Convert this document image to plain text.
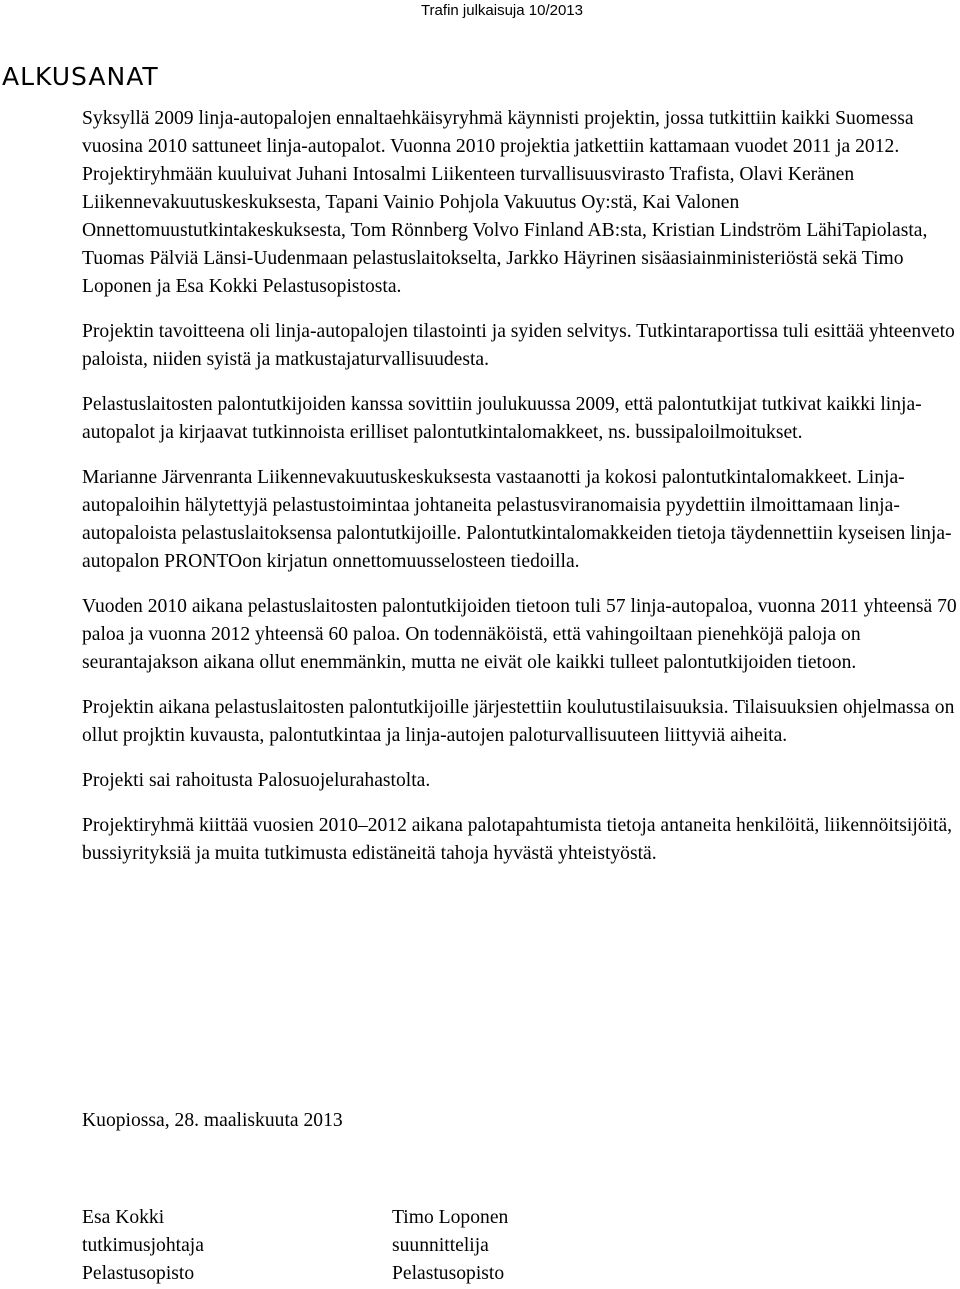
Trafin julkaisuja 10/2013
ALKUSANAT

Syksyllä 2009 linja-autopalojen ennaltaehkäisyryhmä käynnisti projektin, jossa tutkittiin kaikki Suomessa vuosina 2010 sattuneet linja-autopalot. Vuonna 2010 projektia jatkettiin kattamaan vuodet 2011 ja 2012. Projektiryhmään kuuluivat Juhani Intosalmi Liikenteen turvallisuusvirasto Trafista, Olavi Keränen Liikennevakuutuskeskuksesta, Tapani Vainio Pohjola Vakuutus Oy:stä, Kai Valonen Onnettomuustutkintakeskuksesta, Tom Rönnberg Volvo Finland AB:sta, Kristian Lindström LähiTapiolasta, Tuomas Pälviä Länsi-Uudenmaan pelastuslaitokselta, Jarkko Häyrinen sisäasiainministeriöstä sekä Timo Loponen ja Esa Kokki Pelastusopistosta.

Projektin tavoitteena oli linja-autopalojen tilastointi ja syiden selvitys. Tutkintaraportissa tuli esittää yhteenveto paloista, niiden syistä ja matkustajaturvallisuudesta.

Pelastuslaitosten palontutkijoiden kanssa sovittiin joulukuussa 2009, että palontutkijat tutkivat kaikki linja-autopalot ja kirjaavat tutkinnoista erilliset palontutkintalomakkeet, ns. bussipaloilmoitukset.

Marianne Järvenranta Liikennevakuutuskeskuksesta vastaanotti ja kokosi palontutkintalomakkeet. Linja-autopaloihin hälytettyjä pelastustoimintaa johtaneita pelastusviranomaisia pyydettiin ilmoittamaan linja-autopaloista pelastuslaitoksensa palontutkijoille. Palontutkintalomakkeiden tietoja täydennettiin kyseisen linja-autopalon PRONTOon kirjatun onnettomuusselosteen tiedoilla.

Vuoden 2010 aikana pelastuslaitosten palontutkijoiden tietoon tuli 57 linja-autopaloa, vuonna 2011 yhteensä 70 paloa ja vuonna 2012 yhteensä 60 paloa. On todennäköistä, että vahingoiltaan pienehköjä paloja on seurantajakson aikana ollut enemmänkin, mutta ne eivät ole kaikki tulleet palontutkijoiden tietoon.

Projektin aikana pelastuslaitosten palontutkijoille järjestettiin koulutustilaisuuksia. Tilaisuuksien ohjelmassa on ollut projktin kuvausta, palontutkintaa ja linja-autojen paloturvallisuuteen liittyviä aiheita.

Projekti sai rahoitusta Palosuojelurahastolta.

Projektiryhmä kiittää vuosien 2010–2012 aikana palotapahtumista tietoja antaneita henkilöitä, liikennöitsijöitä, bussiyrityksiä ja muita tutkimusta edistäneitä tahoja hyvästä yhteistyöstä.

Kuopiossa, 28. maaliskuuta 2013
Esa Kokki
tutkimusjohtaja
Pelastusopisto
Timo Loponen
suunnittelija
Pelastusopisto
